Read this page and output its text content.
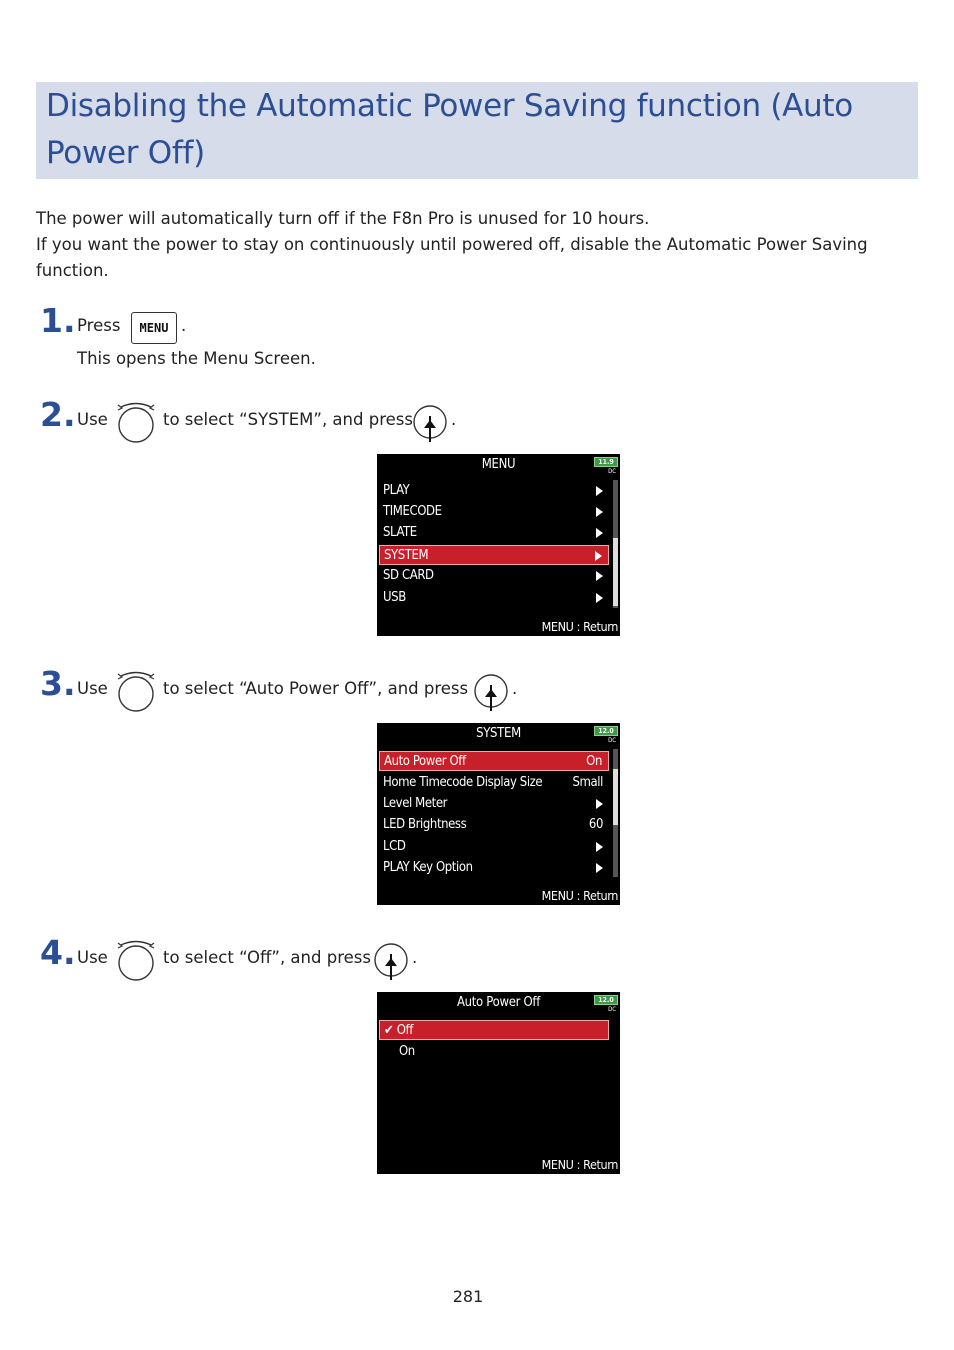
Disabling the Automatic Power Saving function (Auto Power Off)
The power will automatically turn off if the F8n Pro is unused for 10 hours.
If you want the power to stay on continuously until powered off, disable the Automatic Power Saving function.
1. Press	MENU .
This opens the Menu Screen.
2. Use	to select “SYSTEM”, and press .
MENU	11.9
DC
PLAY
TIMECODE
SLATE
SYSTEM
SD CARD
USB
MENU : Return
3. Use	to select “Auto Power Off”, and press	.
SYSTEM	12.0
DC
Auto Power Off	On
Home Timecode Display Size Small
Level Meter
LED Brightness	60
LCD
PLAY Key Option
MENU : Return
4. Use	to select “Off”, and press .
Auto Power Off	12.0
DC
✔ Off
On
MENU : Return
281
